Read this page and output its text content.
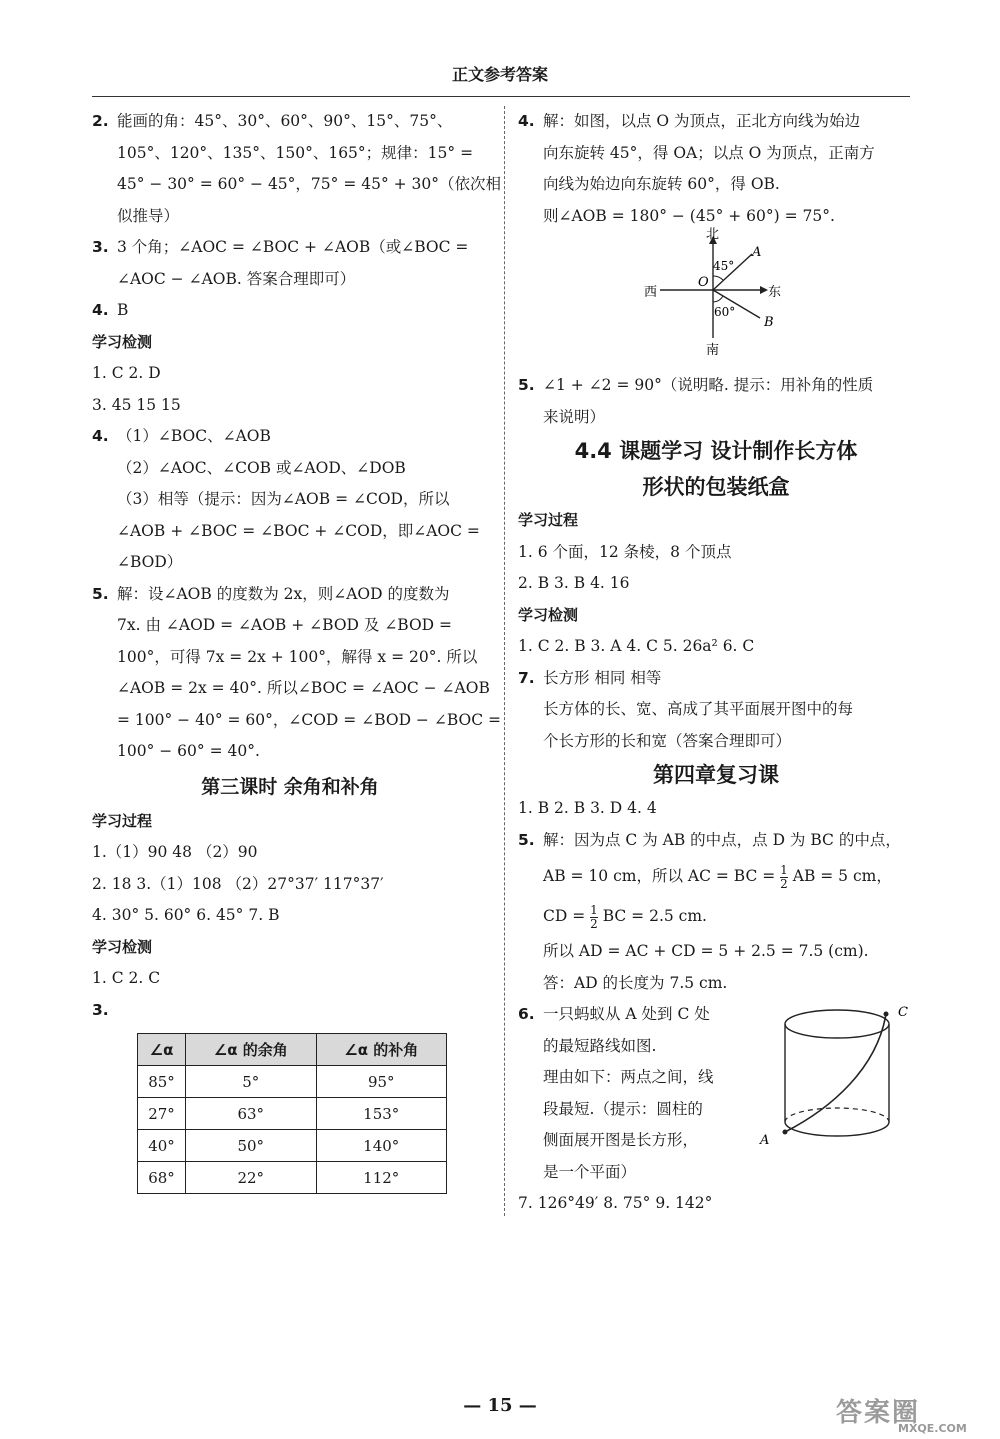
正文参考答案
2. 能画的角：45°、30°、60°、90°、15°、75°、
105°、120°、135°、150°、165°；规律：15° =
45° − 30° = 60° − 45°，75° = 45° + 30°（依次相
似推导）
3. 3 个角；∠AOC = ∠BOC + ∠AOB（或∠BOC =
∠AOC − ∠AOB. 答案合理即可）
4. B
学习检测
1. C 2. D
3. 45 15 15
4. （1）∠BOC、∠AOB
（2）∠AOC、∠COB 或∠AOD、∠DOB
（3）相等（提示：因为∠AOB = ∠COD，所以
∠AOB + ∠BOC = ∠BOC + ∠COD，即∠AOC =
∠BOD）
5. 解：设∠AOB 的度数为 2x，则∠AOD 的度数为
7x. 由 ∠AOD = ∠AOB + ∠BOD 及 ∠BOD =
100°，可得 7x = 2x + 100°，解得 x = 20°. 所以
∠AOB = 2x = 40°. 所以∠BOC = ∠AOC − ∠AOB
= 100° − 40° = 60°，∠COD = ∠BOD − ∠BOC =
100° − 60° = 40°.
第三课时 余角和补角
学习过程
1.（1）90 48 （2）90
2. 18 3.（1）108 （2）27°37′ 117°37′
4. 30° 5. 60° 6. 45° 7. B
学习检测
1. C 2. C
3.
∠α	∠α 的余角	∠α 的补角
85°	5°	95°
27°	63°	153°
40°	50°	140°
68°	22°	112°
4. 解：如图，以点 O 为顶点，正北方向线为始边
向东旋转 45°，得 OA；以点 O 为顶点，正南方
向线为始边向东旋转 60°，得 OB.
则∠AOB = 180° − (45° + 60°) = 75°.
5. ∠1 + ∠2 = 90°（说明略. 提示：用补角的性质
来说明）
4.4 课题学习 设计制作长方体
形状的包装纸盒
学习过程
1. 6 个面，12 条棱，8 个顶点
2. B 3. B 4. 16
学习检测
1. C 2. B 3. A 4. C 5. 26a² 6. C
7. 长方形 相同 相等
长方体的长、宽、高成了其平面展开图中的每
个长方形的长和宽（答案合理即可）
第四章复习课
1. B 2. B 3. D 4. 4
5. 解：因为点 C 为 AB 的中点，点 D 为 BC 的中点，
AB = 10 cm，所以 AC = BC = $\frac{1}{2}$ AB = 5 cm，
CD = $\frac{1}{2}$ BC = 2.5 cm.
所以 AD = AC + CD = 5 + 2.5 = 7.5 (cm).
答：AD 的长度为 7.5 cm.
6. 一只蚂蚁从 A 处到 C 处
的最短路线如图.
理由如下：两点之间，线
段最短.（提示：圆柱的
侧面展开图是长方形，
是一个平面）
7. 126°49′ 8. 75° 9. 142°
北
南
东
西
O
A
B
45°
60°
A
C
— 15 —	答案圈
MXQE.COM
